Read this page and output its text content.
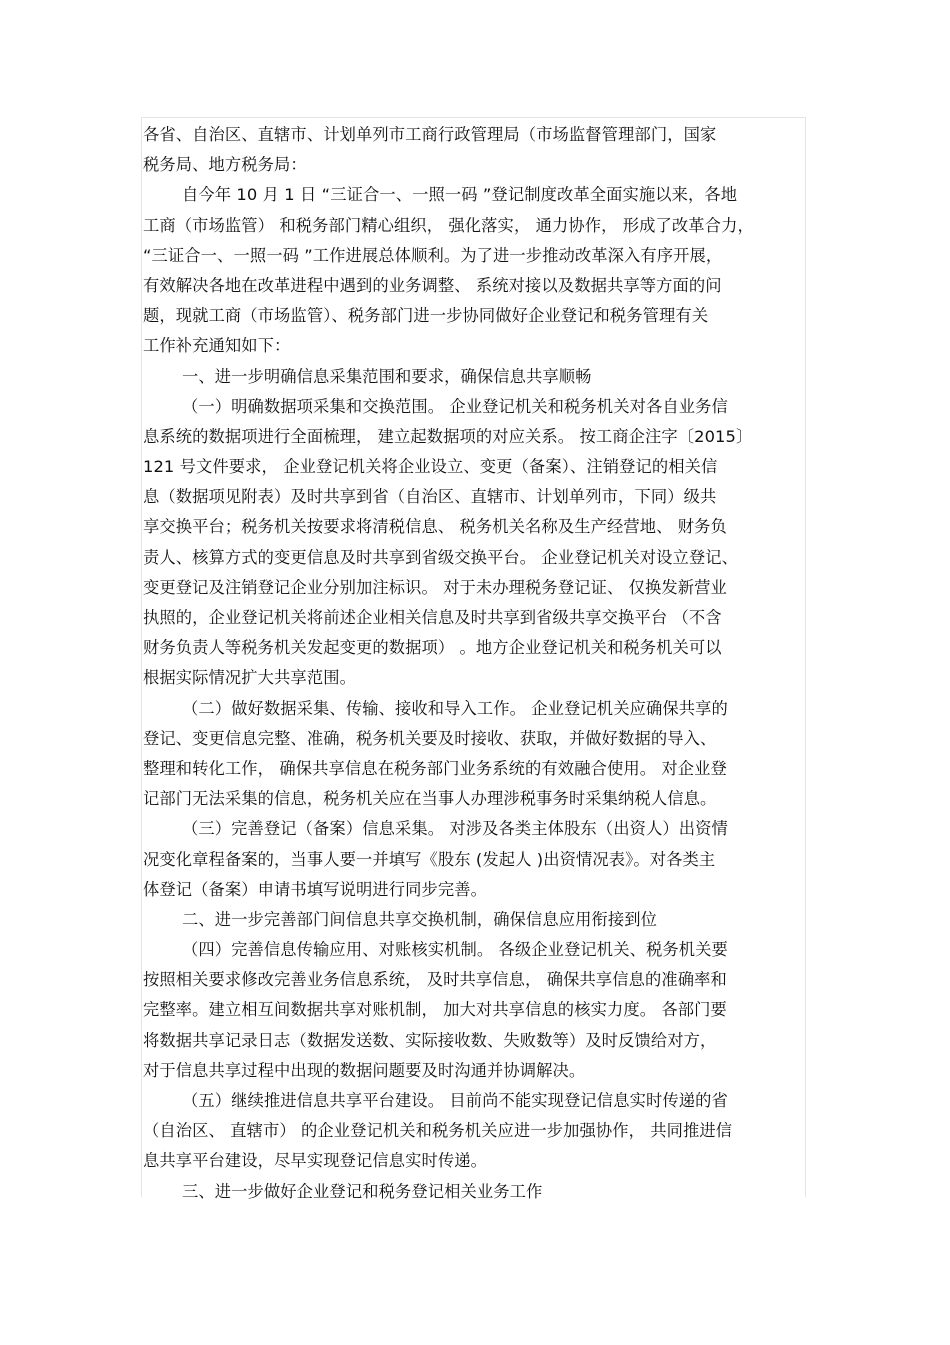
各省、自治区、直辖市、计划单列市工商行政管理局（市场监督管理部门，国家
税务局、地方税务局：
自今年 10 月 1 日 “三证合一、一照一码 ”登记制度改革全面实施以来，各地
工商（市场监管） 和税务部门精心组织， 强化落实， 通力协作， 形成了改革合力，
“三证合一、一照一码 ”工作进展总体顺利。为了进一步推动改革深入有序开展，
有效解决各地在改革进程中遇到的业务调整、 系统对接以及数据共享等方面的问
题，现就工商（市场监管）、税务部门进一步协同做好企业登记和税务管理有关
工作补充通知如下：
一、进一步明确信息采集范围和要求，确保信息共享顺畅
（一）明确数据项采集和交换范围。 企业登记机关和税务机关对各自业务信
息系统的数据项进行全面梳理， 建立起数据项的对应关系。 按工商企注字〔2015〕
121 号文件要求， 企业登记机关将企业设立、变更（备案）、注销登记的相关信
息（数据项见附表）及时共享到省（自治区、直辖市、计划单列市，下同）级共
享交换平台；税务机关按要求将清税信息、 税务机关名称及生产经营地、 财务负
责人、核算方式的变更信息及时共享到省级交换平台。 企业登记机关对设立登记、
变更登记及注销登记企业分别加注标识。 对于未办理税务登记证、 仅换发新营业
执照的，企业登记机关将前述企业相关信息及时共享到省级共享交换平台 （不含
财务负责人等税务机关发起变更的数据项） 。地方企业登记机关和税务机关可以
根据实际情况扩大共享范围。
（二）做好数据采集、传输、接收和导入工作。 企业登记机关应确保共享的
登记、变更信息完整、准确，税务机关要及时接收、获取，并做好数据的导入、
整理和转化工作， 确保共享信息在税务部门业务系统的有效融合使用。 对企业登
记部门无法采集的信息，税务机关应在当事人办理涉税事务时采集纳税人信息。
（三）完善登记（备案）信息采集。 对涉及各类主体股东（出资人）出资情
况变化章程备案的，当事人要一并填写《股东 (发起人 )出资情况表》。对各类主
体登记（备案）申请书填写说明进行同步完善。
二、进一步完善部门间信息共享交换机制，确保信息应用衔接到位
（四）完善信息传输应用、对账核实机制。 各级企业登记机关、税务机关要
按照相关要求修改完善业务信息系统， 及时共享信息， 确保共享信息的准确率和
完整率。建立相互间数据共享对账机制， 加大对共享信息的核实力度。 各部门要
将数据共享记录日志（数据发送数、实际接收数、失败数等）及时反馈给对方，
对于信息共享过程中出现的数据问题要及时沟通并协调解决。
（五）继续推进信息共享平台建设。 目前尚不能实现登记信息实时传递的省
（自治区、 直辖市） 的企业登记机关和税务机关应进一步加强协作， 共同推进信
息共享平台建设，尽早实现登记信息实时传递。
三、进一步做好企业登记和税务登记相关业务工作
